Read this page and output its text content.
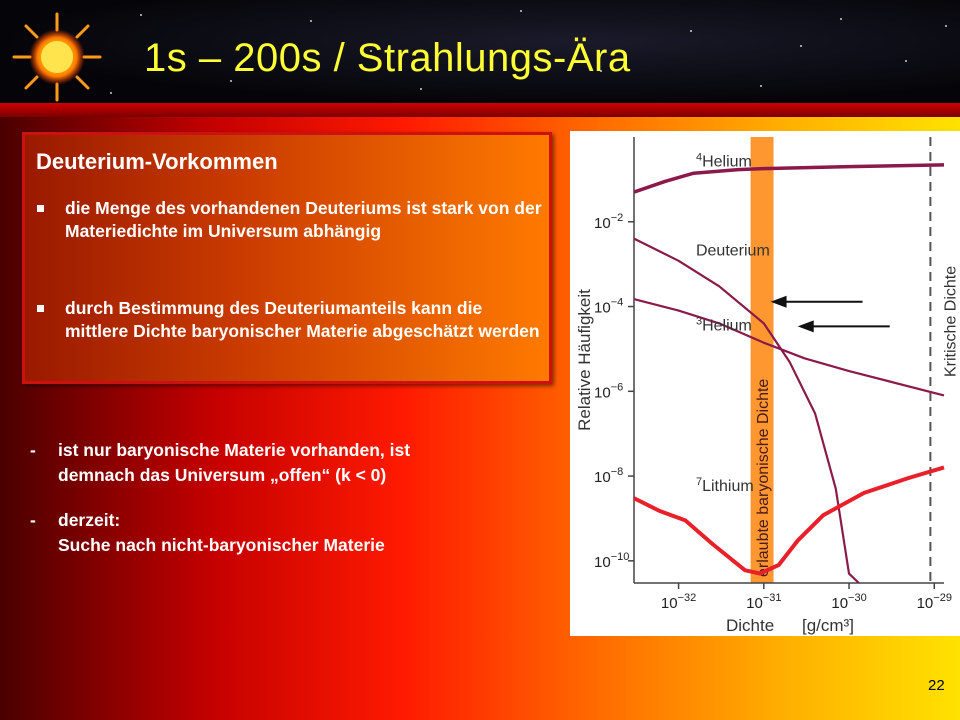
1s – 200s / Strahlungs-Ära
Deuterium-Vorkommen
die Menge des vorhandenen Deuteriums ist stark von der Materiedichte im Universum abhängig
durch Bestimmung des Deuteriumanteils kann die mittlere Dichte baryonischer Materie abgeschätzt werden
- ist nur baryonische Materie vorhanden, ist
demnach das Universum „offen“ (k < 0)
- derzeit:
Suche nach nicht-baryonischer Materie	erlaubte baryonische Dichte
Kritische Dichte
$10^{-2}$
$10^{-4}$
$10^{-6}$
$10^{-8}$
$10^{-10}$
$10^{-32}$	$10^{-31}$	$10^{-30}$	$10^{-29}$
Relative Häufigkeit
Dichte [g/cm³]
$^4$Helium
Deuterium
$^3$Helium
$^7$Lithium
22
